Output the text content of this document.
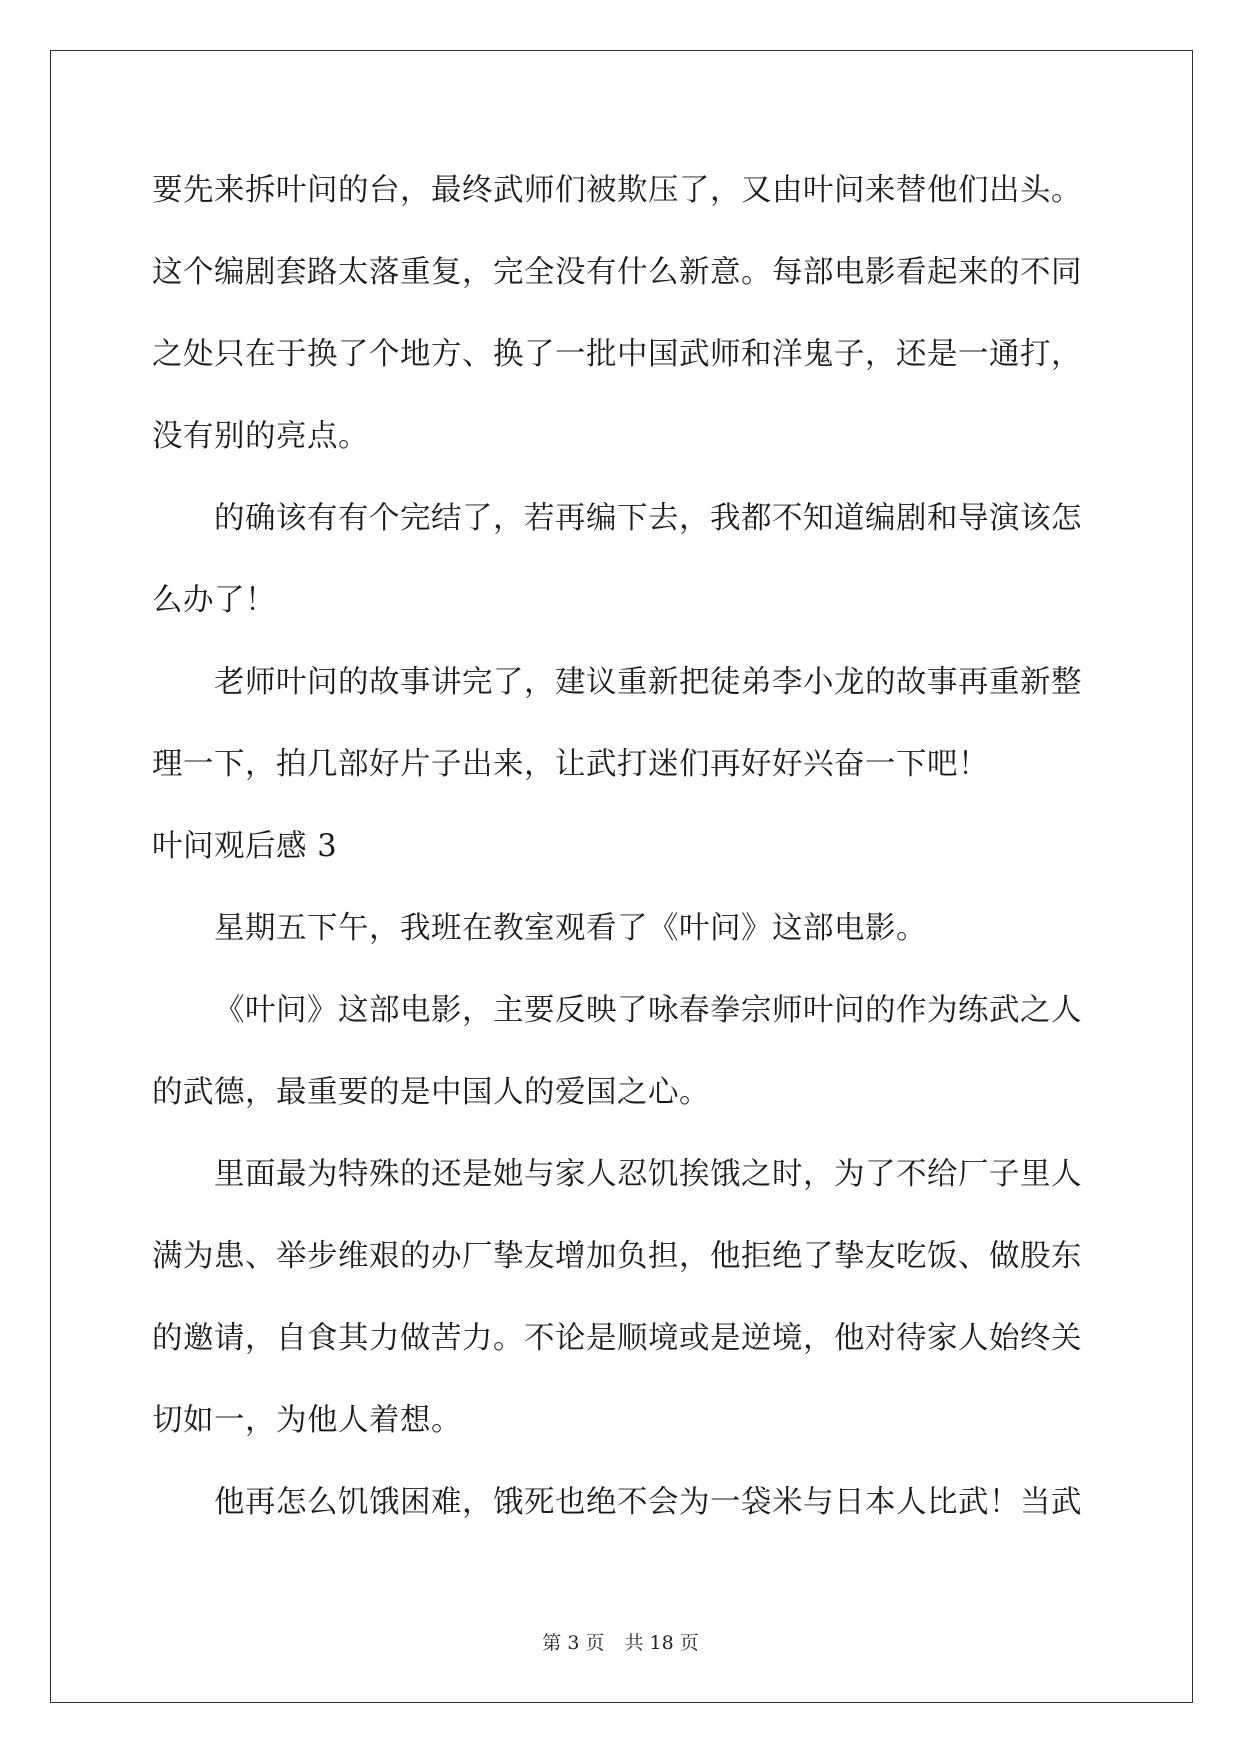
要先来拆叶问的台，最终武师们被欺压了，又由叶问来替他们出头。
这个编剧套路太落重复，完全没有什么新意。每部电影看起来的不同
之处只在于换了个地方、换了一批中国武师和洋鬼子，还是一通打，
没有别的亮点。
的确该有有个完结了，若再编下去，我都不知道编剧和导演该怎
么办了！
老师叶问的故事讲完了，建议重新把徒弟李小龙的故事再重新整
理一下，拍几部好片子出来，让武打迷们再好好兴奋一下吧！
叶问观后感 3
星期五下午，我班在教室观看了《叶问》这部电影。
《叶问》这部电影，主要反映了咏春拳宗师叶问的作为练武之人
的武德，最重要的是中国人的爱国之心。
里面最为特殊的还是她与家人忍饥挨饿之时，为了不给厂子里人
满为患、举步维艰的办厂挚友增加负担，他拒绝了挚友吃饭、做股东
的邀请，自食其力做苦力。不论是顺境或是逆境，他对待家人始终关
切如一，为他人着想。
他再怎么饥饿困难，饿死也绝不会为一袋米与日本人比武！当武
第 3 页 共 18 页
